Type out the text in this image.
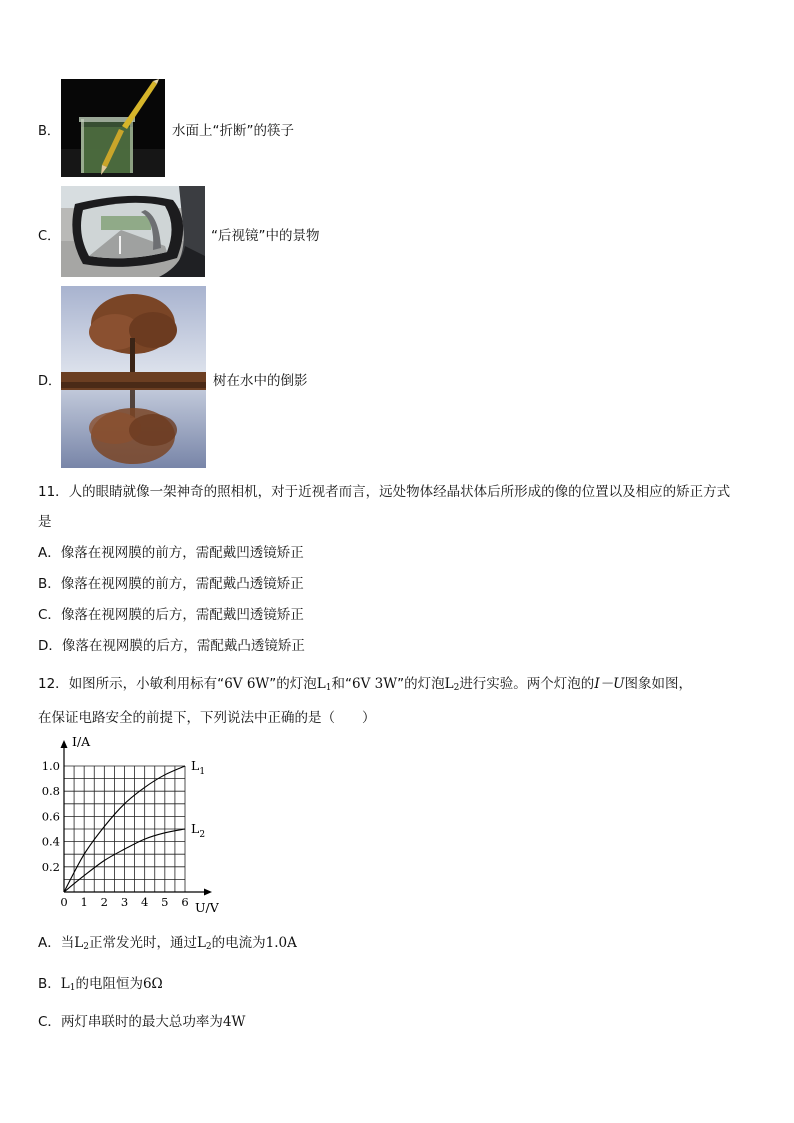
B．	水面上“折断”的筷子
C．	“后视镜”中的景物
D．	树在水中的倒影
11．人的眼睛就像一架神奇的照相机，对于近视者而言，远处物体经晶状体后所形成的像的位置以及相应的矫正方式
是
A．像落在视网膜的前方，需配戴凹透镜矫正
B．像落在视网膜的前方，需配戴凸透镜矫正
C．像落在视网膜的后方，需配戴凹透镜矫正
D．像落在视网膜的后方，需配戴凸透镜矫正
12．如图所示，小敏利用标有“6V 6W”的灯泡$L_1$和“6V 3W”的灯泡$L_2$进行实验。两个灯泡的I－U图象如图，
在保证电路安全的前提下，下列说法中正确的是（　　）
0 1 2 3 4 5 6
0.2
0.4
0.6
0.8
1.0
I/A
U/V
$L_1$
$L_2$
A．当$L_2$正常发光时，通过$L_2$的电流为1.0A
B．$L_1$的电阻恒为6Ω
C．两灯串联时的最大总功率为4W
